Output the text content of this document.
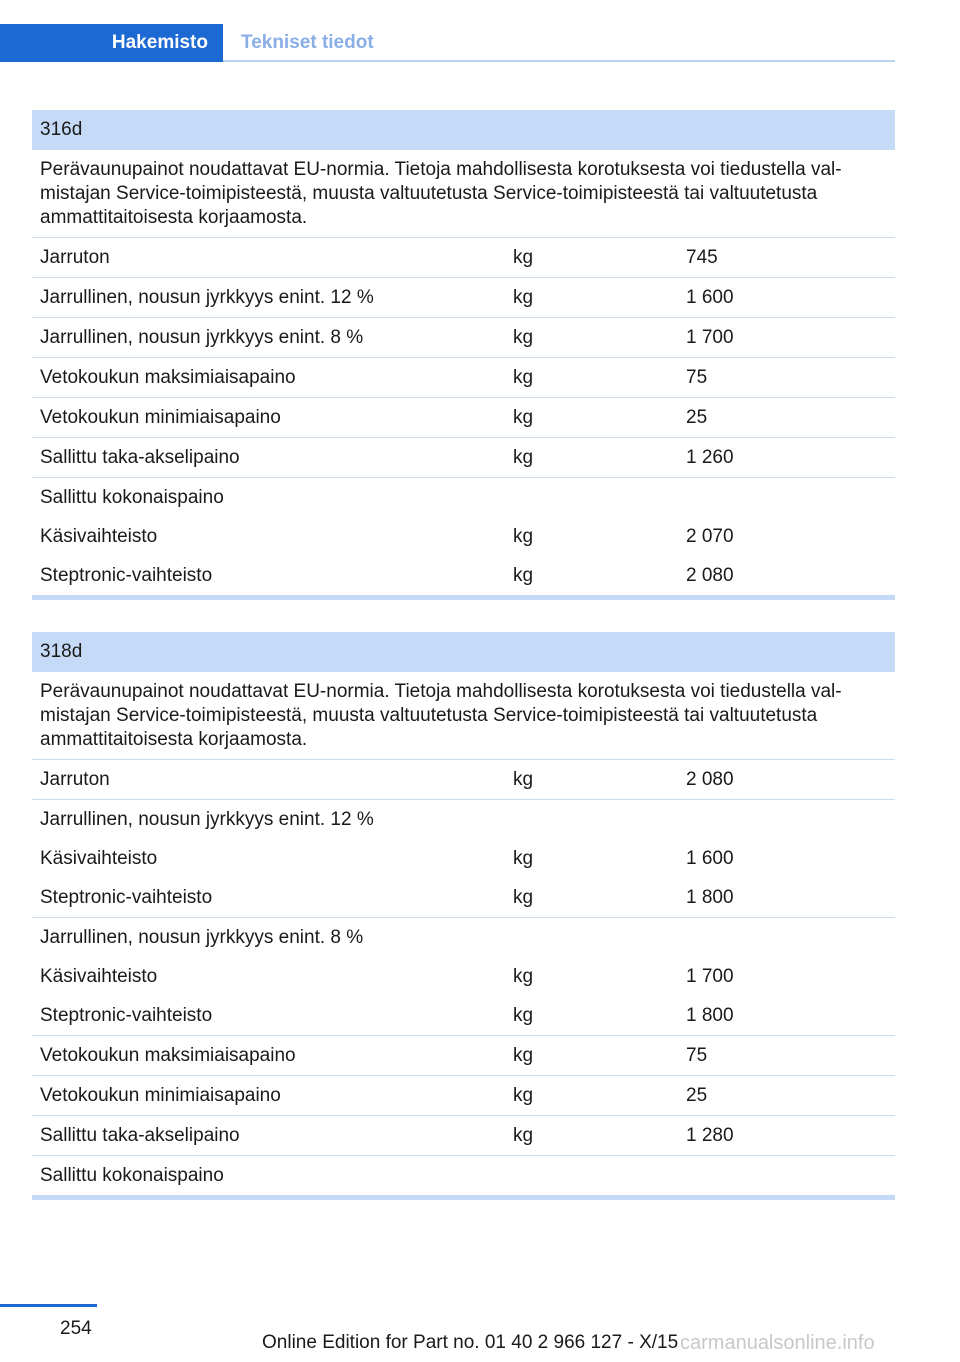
Hakemisto	Tekniset tiedot
316d
Perävaunupainot noudattavat EU-normia. Tietoja mahdollisesta korotuksesta voi tiedustella valmistajan Service-toimipisteestä, muusta valtuutetusta Service-toimipisteestä tai valtuutetusta ammattitaitoisesta korjaamosta.
Jarruton	kg	745
Jarrullinen, nousun jyrkkyys enint. 12 %	kg	1 600
Jarrullinen, nousun jyrkkyys enint. 8 %	kg	1 700
Vetokoukun maksimiaisapaino	kg	75
Vetokoukun minimiaisapaino	kg	25
Sallittu taka-akselipaino	kg	1 260
Sallittu kokonaispaino
Käsivaihteisto	kg	2 070
Steptronic-vaihteisto	kg	2 080
318d
Perävaunupainot noudattavat EU-normia. Tietoja mahdollisesta korotuksesta voi tiedustella valmistajan Service-toimipisteestä, muusta valtuutetusta Service-toimipisteestä tai valtuutetusta ammattitaitoisesta korjaamosta.
Jarruton	kg	2 080
Jarrullinen, nousun jyrkkyys enint. 12 %
Käsivaihteisto	kg	1 600
Steptronic-vaihteisto	kg	1 800
Jarrullinen, nousun jyrkkyys enint. 8 %
Käsivaihteisto	kg	1 700
Steptronic-vaihteisto	kg	1 800
Vetokoukun maksimiaisapaino	kg	75
Vetokoukun minimiaisapaino	kg	25
Sallittu taka-akselipaino	kg	1 280
Sallittu kokonaispaino
254
Online Edition for Part no. 01 40 2 966 127 - X/15 carmanualsonline.info
